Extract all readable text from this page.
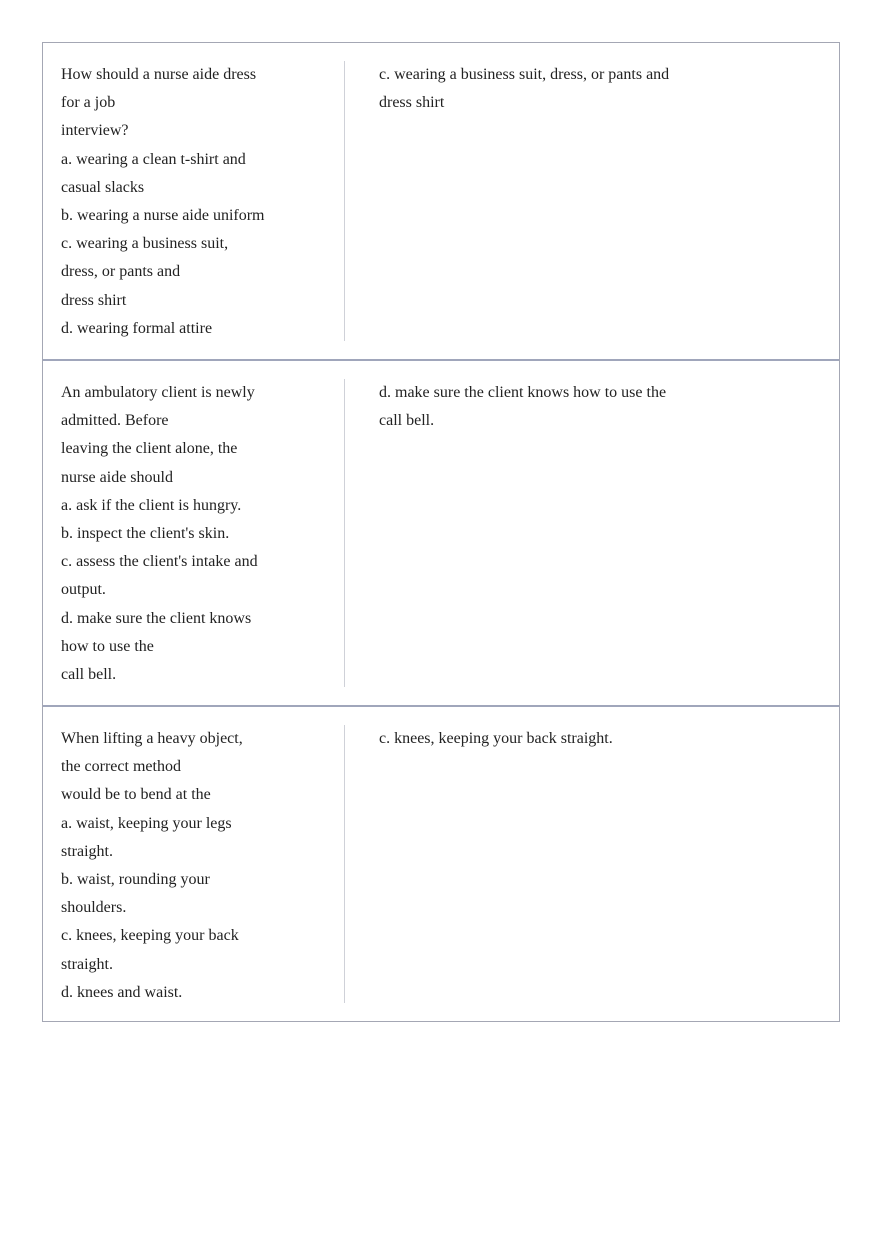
How should a nurse aide dress
for a job
interview?
a. wearing a clean t-shirt and
casual slacks
b. wearing a nurse aide uniform
c. wearing a business suit,
dress, or pants and
dress shirt
d. wearing formal attire
c. wearing a business suit, dress, or pants and
dress shirt
An ambulatory client is newly
admitted. Before
leaving the client alone, the
nurse aide should
a. ask if the client is hungry.
b. inspect the client's skin.
c. assess the client's intake and
output.
d. make sure the client knows
how to use the
call bell.
d. make sure the client knows how to use the
call bell.
When lifting a heavy object,
the correct method
would be to bend at the
a. waist, keeping your legs
straight.
b. waist, rounding your
shoulders.
c. knees, keeping your back
straight.
d. knees and waist.
c. knees, keeping your back straight.
